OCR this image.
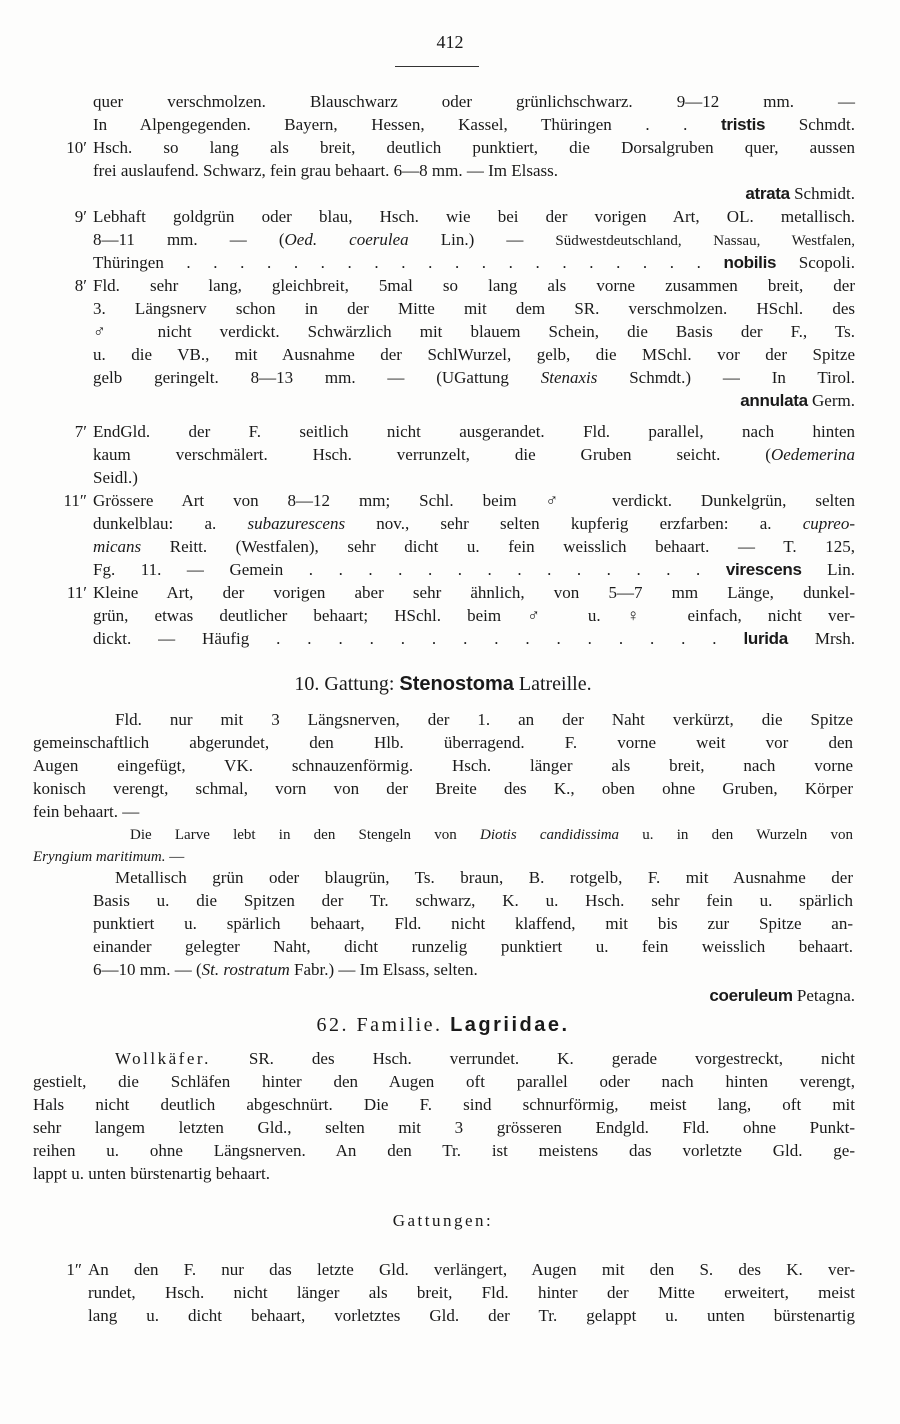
412
quer verschmolzen. Blauschwarz oder grünlichschwarz. 9—12 mm. —
In Alpengegenden. Bayern, Hessen, Kassel, Thüringen . . tristis Schmdt.
10′ Hsch. so lang als breit, deutlich punktiert, die Dorsalgruben quer, aussen
frei auslaufend. Schwarz, fein grau behaart. 6—8 mm. — Im Elsass.
atrata Schmidt.
9′ Lebhaft goldgrün oder blau, Hsch. wie bei der vorigen Art, OL. metallisch.
8—11 mm. — (Oed. coerulea Lin.) — Südwestdeutschland, Nassau, Westfalen,
Thüringen . . . . . . . . . . . . . . . . . . . . nobilis Scopoli.
8′ Fld. sehr lang, gleichbreit, 5mal so lang als vorne zusammen breit, der
3. Längsnerv schon in der Mitte mit dem SR. verschmolzen. HSchl. des
♂ nicht verdickt. Schwärzlich mit blauem Schein, die Basis der F., Ts.
u. die VB., mit Ausnahme der SchlWurzel, gelb, die MSchl. vor der Spitze
gelb geringelt. 8—13 mm. — (UGattung Stenaxis Schmdt.) — In Tirol.
annulata Germ.
7′ EndGld. der F. seitlich nicht ausgerandet. Fld. parallel, nach hinten
kaum verschmälert. Hsch. verrunzelt, die Gruben seicht. (Oedemerina
Seidl.)
11″ Grössere Art von 8—12 mm; Schl. beim ♂ verdickt. Dunkelgrün, selten
dunkelblau: a. subazurescens nov., sehr selten kupferig erzfarben: a. cupreo-
micans Reitt. (Westfalen), sehr dicht u. fein weisslich behaart. — T. 125,
Fg. 11. — Gemein . . . . . . . . . . . . . . virescens Lin.
11′ Kleine Art, der vorigen aber sehr ähnlich, von 5—7 mm Länge, dunkel-
grün, etwas deutlicher behaart; HSchl. beim ♂ u. ♀ einfach, nicht ver-
dickt. — Häufig . . . . . . . . . . . . . . . lurida Mrsh.
10. Gattung: Stenostoma Latreille.
Fld. nur mit 3 Längsnerven, der 1. an der Naht verkürzt, die Spitze
gemeinschaftlich abgerundet, den Hlb. überragend. F. vorne weit vor den
Augen eingefügt, VK. schnauzenförmig. Hsch. länger als breit, nach vorne
konisch verengt, schmal, vorn von der Breite des K., oben ohne Gruben, Körper
fein behaart. —
Die Larve lebt in den Stengeln von Diotis candidissima u. in den Wurzeln von
Eryngium maritimum. —
Metallisch grün oder blaugrün, Ts. braun, B. rotgelb, F. mit Ausnahme der
Basis u. die Spitzen der Tr. schwarz, K. u. Hsch. sehr fein u. spärlich
punktiert u. spärlich behaart, Fld. nicht klaffend, mit bis zur Spitze an-
einander gelegter Naht, dicht runzelig punktiert u. fein weisslich behaart.
6—10 mm. — (St. rostratum Fabr.) — Im Elsass, selten.
coeruleum Petagna.
62. Familie. Lagriidae.
Wollkäfer. SR. des Hsch. verrundet. K. gerade vorgestreckt, nicht
gestielt, die Schläfen hinter den Augen oft parallel oder nach hinten verengt,
Hals nicht deutlich abgeschnürt. Die F. sind schnurförmig, meist lang, oft mit
sehr langem letzten Gld., selten mit 3 grösseren Endgld. Fld. ohne Punkt-
reihen u. ohne Längsnerven. An den Tr. ist meistens das vorletzte Gld. ge-
lappt u. unten bürstenartig behaart.
Gattungen:
1″ An den F. nur das letzte Gld. verlängert, Augen mit den S. des K. ver-
rundet, Hsch. nicht länger als breit, Fld. hinter der Mitte erweitert, meist
lang u. dicht behaart, vorletztes Gld. der Tr. gelappt u. unten bürstenartig
